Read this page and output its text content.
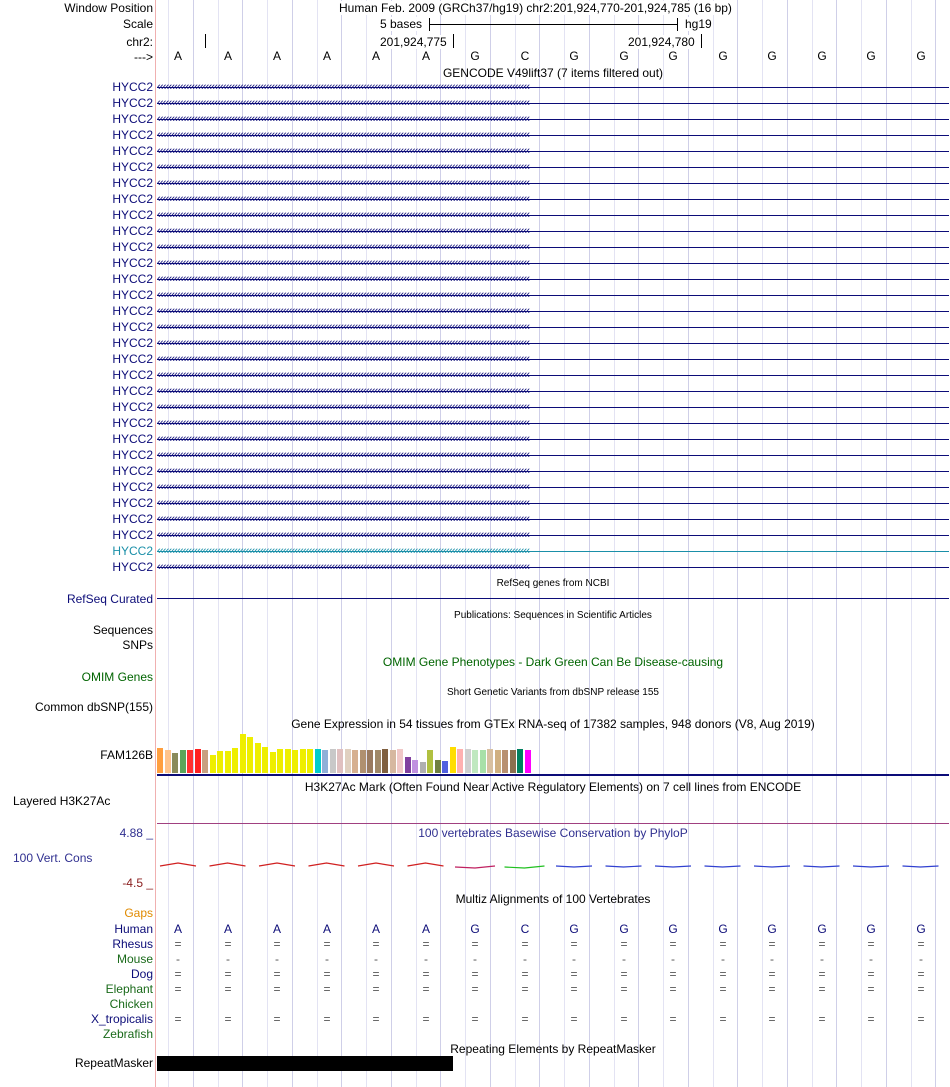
Window Position
Scale
chr2:
--->
Human Feb. 2009 (GRCh37/hg19) chr2:201,924,770-201,924,785 (16 bp)
5 bases	hg19
201,924,775	201,924,780
A	A	A	A	A	A	G	C	G	G	G	G	G	G	G	G
GENCODE V49lift37 (7 items filtered out)
HYCC2 ‹‹‹‹‹‹‹‹‹‹‹‹‹‹‹‹‹‹‹‹‹‹‹‹‹‹‹‹‹‹‹‹‹‹‹‹‹‹‹‹‹‹‹‹‹‹‹‹‹‹‹‹‹‹‹‹‹‹‹‹‹‹‹‹‹‹‹‹‹‹‹‹‹‹‹‹‹‹‹‹‹‹‹‹‹‹‹‹‹‹‹‹‹‹‹‹‹‹‹‹‹‹‹‹‹‹‹‹‹‹‹‹‹‹‹‹‹‹‹‹‹‹‹‹‹‹‹‹‹‹
HYCC2 ‹‹‹‹‹‹‹‹‹‹‹‹‹‹‹‹‹‹‹‹‹‹‹‹‹‹‹‹‹‹‹‹‹‹‹‹‹‹‹‹‹‹‹‹‹‹‹‹‹‹‹‹‹‹‹‹‹‹‹‹‹‹‹‹‹‹‹‹‹‹‹‹‹‹‹‹‹‹‹‹‹‹‹‹‹‹‹‹‹‹‹‹‹‹‹‹‹‹‹‹‹‹‹‹‹‹‹‹‹‹‹‹‹‹‹‹‹‹‹‹‹‹‹‹‹‹‹‹‹‹
HYCC2 ‹‹‹‹‹‹‹‹‹‹‹‹‹‹‹‹‹‹‹‹‹‹‹‹‹‹‹‹‹‹‹‹‹‹‹‹‹‹‹‹‹‹‹‹‹‹‹‹‹‹‹‹‹‹‹‹‹‹‹‹‹‹‹‹‹‹‹‹‹‹‹‹‹‹‹‹‹‹‹‹‹‹‹‹‹‹‹‹‹‹‹‹‹‹‹‹‹‹‹‹‹‹‹‹‹‹‹‹‹‹‹‹‹‹‹‹‹‹‹‹‹‹‹‹‹‹‹‹‹‹
HYCC2 ‹‹‹‹‹‹‹‹‹‹‹‹‹‹‹‹‹‹‹‹‹‹‹‹‹‹‹‹‹‹‹‹‹‹‹‹‹‹‹‹‹‹‹‹‹‹‹‹‹‹‹‹‹‹‹‹‹‹‹‹‹‹‹‹‹‹‹‹‹‹‹‹‹‹‹‹‹‹‹‹‹‹‹‹‹‹‹‹‹‹‹‹‹‹‹‹‹‹‹‹‹‹‹‹‹‹‹‹‹‹‹‹‹‹‹‹‹‹‹‹‹‹‹‹‹‹‹‹‹‹
HYCC2 ‹‹‹‹‹‹‹‹‹‹‹‹‹‹‹‹‹‹‹‹‹‹‹‹‹‹‹‹‹‹‹‹‹‹‹‹‹‹‹‹‹‹‹‹‹‹‹‹‹‹‹‹‹‹‹‹‹‹‹‹‹‹‹‹‹‹‹‹‹‹‹‹‹‹‹‹‹‹‹‹‹‹‹‹‹‹‹‹‹‹‹‹‹‹‹‹‹‹‹‹‹‹‹‹‹‹‹‹‹‹‹‹‹‹‹‹‹‹‹‹‹‹‹‹‹‹‹‹‹‹
HYCC2 ‹‹‹‹‹‹‹‹‹‹‹‹‹‹‹‹‹‹‹‹‹‹‹‹‹‹‹‹‹‹‹‹‹‹‹‹‹‹‹‹‹‹‹‹‹‹‹‹‹‹‹‹‹‹‹‹‹‹‹‹‹‹‹‹‹‹‹‹‹‹‹‹‹‹‹‹‹‹‹‹‹‹‹‹‹‹‹‹‹‹‹‹‹‹‹‹‹‹‹‹‹‹‹‹‹‹‹‹‹‹‹‹‹‹‹‹‹‹‹‹‹‹‹‹‹‹‹‹‹‹
HYCC2 ‹‹‹‹‹‹‹‹‹‹‹‹‹‹‹‹‹‹‹‹‹‹‹‹‹‹‹‹‹‹‹‹‹‹‹‹‹‹‹‹‹‹‹‹‹‹‹‹‹‹‹‹‹‹‹‹‹‹‹‹‹‹‹‹‹‹‹‹‹‹‹‹‹‹‹‹‹‹‹‹‹‹‹‹‹‹‹‹‹‹‹‹‹‹‹‹‹‹‹‹‹‹‹‹‹‹‹‹‹‹‹‹‹‹‹‹‹‹‹‹‹‹‹‹‹‹‹‹‹‹
HYCC2 ‹‹‹‹‹‹‹‹‹‹‹‹‹‹‹‹‹‹‹‹‹‹‹‹‹‹‹‹‹‹‹‹‹‹‹‹‹‹‹‹‹‹‹‹‹‹‹‹‹‹‹‹‹‹‹‹‹‹‹‹‹‹‹‹‹‹‹‹‹‹‹‹‹‹‹‹‹‹‹‹‹‹‹‹‹‹‹‹‹‹‹‹‹‹‹‹‹‹‹‹‹‹‹‹‹‹‹‹‹‹‹‹‹‹‹‹‹‹‹‹‹‹‹‹‹‹‹‹‹‹
HYCC2 ‹‹‹‹‹‹‹‹‹‹‹‹‹‹‹‹‹‹‹‹‹‹‹‹‹‹‹‹‹‹‹‹‹‹‹‹‹‹‹‹‹‹‹‹‹‹‹‹‹‹‹‹‹‹‹‹‹‹‹‹‹‹‹‹‹‹‹‹‹‹‹‹‹‹‹‹‹‹‹‹‹‹‹‹‹‹‹‹‹‹‹‹‹‹‹‹‹‹‹‹‹‹‹‹‹‹‹‹‹‹‹‹‹‹‹‹‹‹‹‹‹‹‹‹‹‹‹‹‹‹
HYCC2 ‹‹‹‹‹‹‹‹‹‹‹‹‹‹‹‹‹‹‹‹‹‹‹‹‹‹‹‹‹‹‹‹‹‹‹‹‹‹‹‹‹‹‹‹‹‹‹‹‹‹‹‹‹‹‹‹‹‹‹‹‹‹‹‹‹‹‹‹‹‹‹‹‹‹‹‹‹‹‹‹‹‹‹‹‹‹‹‹‹‹‹‹‹‹‹‹‹‹‹‹‹‹‹‹‹‹‹‹‹‹‹‹‹‹‹‹‹‹‹‹‹‹‹‹‹‹‹‹‹‹
HYCC2 ‹‹‹‹‹‹‹‹‹‹‹‹‹‹‹‹‹‹‹‹‹‹‹‹‹‹‹‹‹‹‹‹‹‹‹‹‹‹‹‹‹‹‹‹‹‹‹‹‹‹‹‹‹‹‹‹‹‹‹‹‹‹‹‹‹‹‹‹‹‹‹‹‹‹‹‹‹‹‹‹‹‹‹‹‹‹‹‹‹‹‹‹‹‹‹‹‹‹‹‹‹‹‹‹‹‹‹‹‹‹‹‹‹‹‹‹‹‹‹‹‹‹‹‹‹‹‹‹‹‹
HYCC2 ‹‹‹‹‹‹‹‹‹‹‹‹‹‹‹‹‹‹‹‹‹‹‹‹‹‹‹‹‹‹‹‹‹‹‹‹‹‹‹‹‹‹‹‹‹‹‹‹‹‹‹‹‹‹‹‹‹‹‹‹‹‹‹‹‹‹‹‹‹‹‹‹‹‹‹‹‹‹‹‹‹‹‹‹‹‹‹‹‹‹‹‹‹‹‹‹‹‹‹‹‹‹‹‹‹‹‹‹‹‹‹‹‹‹‹‹‹‹‹‹‹‹‹‹‹‹‹‹‹‹
HYCC2 ‹‹‹‹‹‹‹‹‹‹‹‹‹‹‹‹‹‹‹‹‹‹‹‹‹‹‹‹‹‹‹‹‹‹‹‹‹‹‹‹‹‹‹‹‹‹‹‹‹‹‹‹‹‹‹‹‹‹‹‹‹‹‹‹‹‹‹‹‹‹‹‹‹‹‹‹‹‹‹‹‹‹‹‹‹‹‹‹‹‹‹‹‹‹‹‹‹‹‹‹‹‹‹‹‹‹‹‹‹‹‹‹‹‹‹‹‹‹‹‹‹‹‹‹‹‹‹‹‹‹
HYCC2 ‹‹‹‹‹‹‹‹‹‹‹‹‹‹‹‹‹‹‹‹‹‹‹‹‹‹‹‹‹‹‹‹‹‹‹‹‹‹‹‹‹‹‹‹‹‹‹‹‹‹‹‹‹‹‹‹‹‹‹‹‹‹‹‹‹‹‹‹‹‹‹‹‹‹‹‹‹‹‹‹‹‹‹‹‹‹‹‹‹‹‹‹‹‹‹‹‹‹‹‹‹‹‹‹‹‹‹‹‹‹‹‹‹‹‹‹‹‹‹‹‹‹‹‹‹‹‹‹‹‹
HYCC2 ‹‹‹‹‹‹‹‹‹‹‹‹‹‹‹‹‹‹‹‹‹‹‹‹‹‹‹‹‹‹‹‹‹‹‹‹‹‹‹‹‹‹‹‹‹‹‹‹‹‹‹‹‹‹‹‹‹‹‹‹‹‹‹‹‹‹‹‹‹‹‹‹‹‹‹‹‹‹‹‹‹‹‹‹‹‹‹‹‹‹‹‹‹‹‹‹‹‹‹‹‹‹‹‹‹‹‹‹‹‹‹‹‹‹‹‹‹‹‹‹‹‹‹‹‹‹‹‹‹‹
HYCC2 ‹‹‹‹‹‹‹‹‹‹‹‹‹‹‹‹‹‹‹‹‹‹‹‹‹‹‹‹‹‹‹‹‹‹‹‹‹‹‹‹‹‹‹‹‹‹‹‹‹‹‹‹‹‹‹‹‹‹‹‹‹‹‹‹‹‹‹‹‹‹‹‹‹‹‹‹‹‹‹‹‹‹‹‹‹‹‹‹‹‹‹‹‹‹‹‹‹‹‹‹‹‹‹‹‹‹‹‹‹‹‹‹‹‹‹‹‹‹‹‹‹‹‹‹‹‹‹‹‹‹
HYCC2 ‹‹‹‹‹‹‹‹‹‹‹‹‹‹‹‹‹‹‹‹‹‹‹‹‹‹‹‹‹‹‹‹‹‹‹‹‹‹‹‹‹‹‹‹‹‹‹‹‹‹‹‹‹‹‹‹‹‹‹‹‹‹‹‹‹‹‹‹‹‹‹‹‹‹‹‹‹‹‹‹‹‹‹‹‹‹‹‹‹‹‹‹‹‹‹‹‹‹‹‹‹‹‹‹‹‹‹‹‹‹‹‹‹‹‹‹‹‹‹‹‹‹‹‹‹‹‹‹‹‹
HYCC2 ‹‹‹‹‹‹‹‹‹‹‹‹‹‹‹‹‹‹‹‹‹‹‹‹‹‹‹‹‹‹‹‹‹‹‹‹‹‹‹‹‹‹‹‹‹‹‹‹‹‹‹‹‹‹‹‹‹‹‹‹‹‹‹‹‹‹‹‹‹‹‹‹‹‹‹‹‹‹‹‹‹‹‹‹‹‹‹‹‹‹‹‹‹‹‹‹‹‹‹‹‹‹‹‹‹‹‹‹‹‹‹‹‹‹‹‹‹‹‹‹‹‹‹‹‹‹‹‹‹‹
HYCC2 ‹‹‹‹‹‹‹‹‹‹‹‹‹‹‹‹‹‹‹‹‹‹‹‹‹‹‹‹‹‹‹‹‹‹‹‹‹‹‹‹‹‹‹‹‹‹‹‹‹‹‹‹‹‹‹‹‹‹‹‹‹‹‹‹‹‹‹‹‹‹‹‹‹‹‹‹‹‹‹‹‹‹‹‹‹‹‹‹‹‹‹‹‹‹‹‹‹‹‹‹‹‹‹‹‹‹‹‹‹‹‹‹‹‹‹‹‹‹‹‹‹‹‹‹‹‹‹‹‹‹
HYCC2 ‹‹‹‹‹‹‹‹‹‹‹‹‹‹‹‹‹‹‹‹‹‹‹‹‹‹‹‹‹‹‹‹‹‹‹‹‹‹‹‹‹‹‹‹‹‹‹‹‹‹‹‹‹‹‹‹‹‹‹‹‹‹‹‹‹‹‹‹‹‹‹‹‹‹‹‹‹‹‹‹‹‹‹‹‹‹‹‹‹‹‹‹‹‹‹‹‹‹‹‹‹‹‹‹‹‹‹‹‹‹‹‹‹‹‹‹‹‹‹‹‹‹‹‹‹‹‹‹‹‹
HYCC2 ‹‹‹‹‹‹‹‹‹‹‹‹‹‹‹‹‹‹‹‹‹‹‹‹‹‹‹‹‹‹‹‹‹‹‹‹‹‹‹‹‹‹‹‹‹‹‹‹‹‹‹‹‹‹‹‹‹‹‹‹‹‹‹‹‹‹‹‹‹‹‹‹‹‹‹‹‹‹‹‹‹‹‹‹‹‹‹‹‹‹‹‹‹‹‹‹‹‹‹‹‹‹‹‹‹‹‹‹‹‹‹‹‹‹‹‹‹‹‹‹‹‹‹‹‹‹‹‹‹‹
HYCC2 ‹‹‹‹‹‹‹‹‹‹‹‹‹‹‹‹‹‹‹‹‹‹‹‹‹‹‹‹‹‹‹‹‹‹‹‹‹‹‹‹‹‹‹‹‹‹‹‹‹‹‹‹‹‹‹‹‹‹‹‹‹‹‹‹‹‹‹‹‹‹‹‹‹‹‹‹‹‹‹‹‹‹‹‹‹‹‹‹‹‹‹‹‹‹‹‹‹‹‹‹‹‹‹‹‹‹‹‹‹‹‹‹‹‹‹‹‹‹‹‹‹‹‹‹‹‹‹‹‹‹
HYCC2 ‹‹‹‹‹‹‹‹‹‹‹‹‹‹‹‹‹‹‹‹‹‹‹‹‹‹‹‹‹‹‹‹‹‹‹‹‹‹‹‹‹‹‹‹‹‹‹‹‹‹‹‹‹‹‹‹‹‹‹‹‹‹‹‹‹‹‹‹‹‹‹‹‹‹‹‹‹‹‹‹‹‹‹‹‹‹‹‹‹‹‹‹‹‹‹‹‹‹‹‹‹‹‹‹‹‹‹‹‹‹‹‹‹‹‹‹‹‹‹‹‹‹‹‹‹‹‹‹‹‹
HYCC2 ‹‹‹‹‹‹‹‹‹‹‹‹‹‹‹‹‹‹‹‹‹‹‹‹‹‹‹‹‹‹‹‹‹‹‹‹‹‹‹‹‹‹‹‹‹‹‹‹‹‹‹‹‹‹‹‹‹‹‹‹‹‹‹‹‹‹‹‹‹‹‹‹‹‹‹‹‹‹‹‹‹‹‹‹‹‹‹‹‹‹‹‹‹‹‹‹‹‹‹‹‹‹‹‹‹‹‹‹‹‹‹‹‹‹‹‹‹‹‹‹‹‹‹‹‹‹‹‹‹‹
HYCC2 ‹‹‹‹‹‹‹‹‹‹‹‹‹‹‹‹‹‹‹‹‹‹‹‹‹‹‹‹‹‹‹‹‹‹‹‹‹‹‹‹‹‹‹‹‹‹‹‹‹‹‹‹‹‹‹‹‹‹‹‹‹‹‹‹‹‹‹‹‹‹‹‹‹‹‹‹‹‹‹‹‹‹‹‹‹‹‹‹‹‹‹‹‹‹‹‹‹‹‹‹‹‹‹‹‹‹‹‹‹‹‹‹‹‹‹‹‹‹‹‹‹‹‹‹‹‹‹‹‹‹
HYCC2 ‹‹‹‹‹‹‹‹‹‹‹‹‹‹‹‹‹‹‹‹‹‹‹‹‹‹‹‹‹‹‹‹‹‹‹‹‹‹‹‹‹‹‹‹‹‹‹‹‹‹‹‹‹‹‹‹‹‹‹‹‹‹‹‹‹‹‹‹‹‹‹‹‹‹‹‹‹‹‹‹‹‹‹‹‹‹‹‹‹‹‹‹‹‹‹‹‹‹‹‹‹‹‹‹‹‹‹‹‹‹‹‹‹‹‹‹‹‹‹‹‹‹‹‹‹‹‹‹‹‹
HYCC2 ‹‹‹‹‹‹‹‹‹‹‹‹‹‹‹‹‹‹‹‹‹‹‹‹‹‹‹‹‹‹‹‹‹‹‹‹‹‹‹‹‹‹‹‹‹‹‹‹‹‹‹‹‹‹‹‹‹‹‹‹‹‹‹‹‹‹‹‹‹‹‹‹‹‹‹‹‹‹‹‹‹‹‹‹‹‹‹‹‹‹‹‹‹‹‹‹‹‹‹‹‹‹‹‹‹‹‹‹‹‹‹‹‹‹‹‹‹‹‹‹‹‹‹‹‹‹‹‹‹‹
HYCC2 ‹‹‹‹‹‹‹‹‹‹‹‹‹‹‹‹‹‹‹‹‹‹‹‹‹‹‹‹‹‹‹‹‹‹‹‹‹‹‹‹‹‹‹‹‹‹‹‹‹‹‹‹‹‹‹‹‹‹‹‹‹‹‹‹‹‹‹‹‹‹‹‹‹‹‹‹‹‹‹‹‹‹‹‹‹‹‹‹‹‹‹‹‹‹‹‹‹‹‹‹‹‹‹‹‹‹‹‹‹‹‹‹‹‹‹‹‹‹‹‹‹‹‹‹‹‹‹‹‹‹
HYCC2 ‹‹‹‹‹‹‹‹‹‹‹‹‹‹‹‹‹‹‹‹‹‹‹‹‹‹‹‹‹‹‹‹‹‹‹‹‹‹‹‹‹‹‹‹‹‹‹‹‹‹‹‹‹‹‹‹‹‹‹‹‹‹‹‹‹‹‹‹‹‹‹‹‹‹‹‹‹‹‹‹‹‹‹‹‹‹‹‹‹‹‹‹‹‹‹‹‹‹‹‹‹‹‹‹‹‹‹‹‹‹‹‹‹‹‹‹‹‹‹‹‹‹‹‹‹‹‹‹‹‹
HYCC2 ‹‹‹‹‹‹‹‹‹‹‹‹‹‹‹‹‹‹‹‹‹‹‹‹‹‹‹‹‹‹‹‹‹‹‹‹‹‹‹‹‹‹‹‹‹‹‹‹‹‹‹‹‹‹‹‹‹‹‹‹‹‹‹‹‹‹‹‹‹‹‹‹‹‹‹‹‹‹‹‹‹‹‹‹‹‹‹‹‹‹‹‹‹‹‹‹‹‹‹‹‹‹‹‹‹‹‹‹‹‹‹‹‹‹‹‹‹‹‹‹‹‹‹‹‹‹‹‹‹‹
HYCC2 ‹‹‹‹‹‹‹‹‹‹‹‹‹‹‹‹‹‹‹‹‹‹‹‹‹‹‹‹‹‹‹‹‹‹‹‹‹‹‹‹‹‹‹‹‹‹‹‹‹‹‹‹‹‹‹‹‹‹‹‹‹‹‹‹‹‹‹‹‹‹‹‹‹‹‹‹‹‹‹‹‹‹‹‹‹‹‹‹‹‹‹‹‹‹‹‹‹‹‹‹‹‹‹‹‹‹‹‹‹‹‹‹‹‹‹‹‹‹‹‹‹‹‹‹‹‹‹‹‹‹
RefSeq genes from NCBI
RefSeq Curated
Publications: Sequences in Scientific Articles
Sequences
SNPs
OMIM Gene Phenotypes - Dark Green Can Be Disease-causing
OMIM Genes
Short Genetic Variants from dbSNP release 155
Common dbSNP(155)
Gene Expression in 54 tissues from GTEx RNA-seq of 17382 samples, 948 donors (V8, Aug 2019)
FAM126B
H3K27Ac Mark (Often Found Near Active Regulatory Elements) on 7 cell lines from ENCODE
Layered H3K27Ac
100 vertebrates Basewise Conservation by PhyloP
4.88 _
100 Vert. Cons
-4.5 _
Multiz Alignments of 100 Vertebrates
Gaps
Human	A	A	A	A	A	A	G	C	G	G	G	G	G	G	G	G
Rhesus	=	=	=	=	=	=	=	=	=	=	=	=	=	=	=	=
Mouse	-	-	-	-	-	-	-	-	-	-	-	-	-	-	-	-
Dog	=	=	=	=	=	=	=	=	=	=	=	=	=	=	=	=
Elephant	=	=	=	=	=	=	=	=	=	=	=	=	=	=	=	=
Chicken
X_tropicalis	=	=	=	=	=	=	=	=	=	=	=	=	=	=	=	=
Zebrafish
Repeating Elements by RepeatMasker
RepeatMasker
